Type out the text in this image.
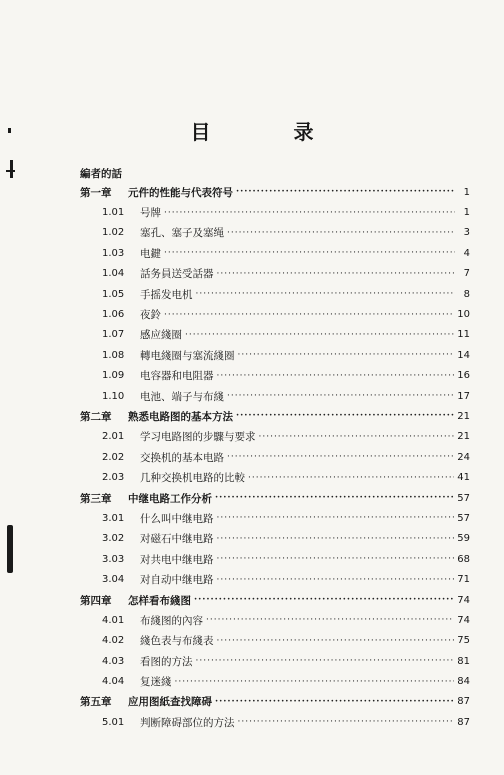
目 录
編者的話
第一章	元件的性能与代表符号 ·····	1
1.01	号牌 ·····	1
1.02	塞孔、塞子及塞绳 ·····	3
1.03	电鍵 ·····	4
1.04	話务員送受話器 ·····	7
1.05	手摇发电机 ·····	8
1.06	夜鈴 ·····	10
1.07	感应綫圈 ·····	11
1.08	轉电綫圈与塞流綫圈 ·····	14
1.09	电容器和电阻器 ·····	16
1.10	电池、端子与布綫 ·····	17
第二章	熟悉电路图的基本方法 ·····	21
2.01	学习电路图的步驟与要求 ·····	21
2.02	交换机的基本电路 ·····	24
2.03	几种交换机电路的比較 ·····	41
第三章	中继电路工作分析 ·····	57
3.01	什么叫中继电路 ·····	57
3.02	对磁石中继电路 ·····	59
3.03	对共电中继电路 ·····	68
3.04	对自动中继电路 ·····	71
第四章	怎样看布綫图 ·····	74
4.01	布綫图的內容 ·····	74
4.02	綫色表与布綫表 ·····	75
4.03	看图的方法 ·····	81
4.04	复迷綫 ·····	84
第五章	应用图紙查找障碍 ·····	87
5.01	判断障碍部位的方法 ·····	87
